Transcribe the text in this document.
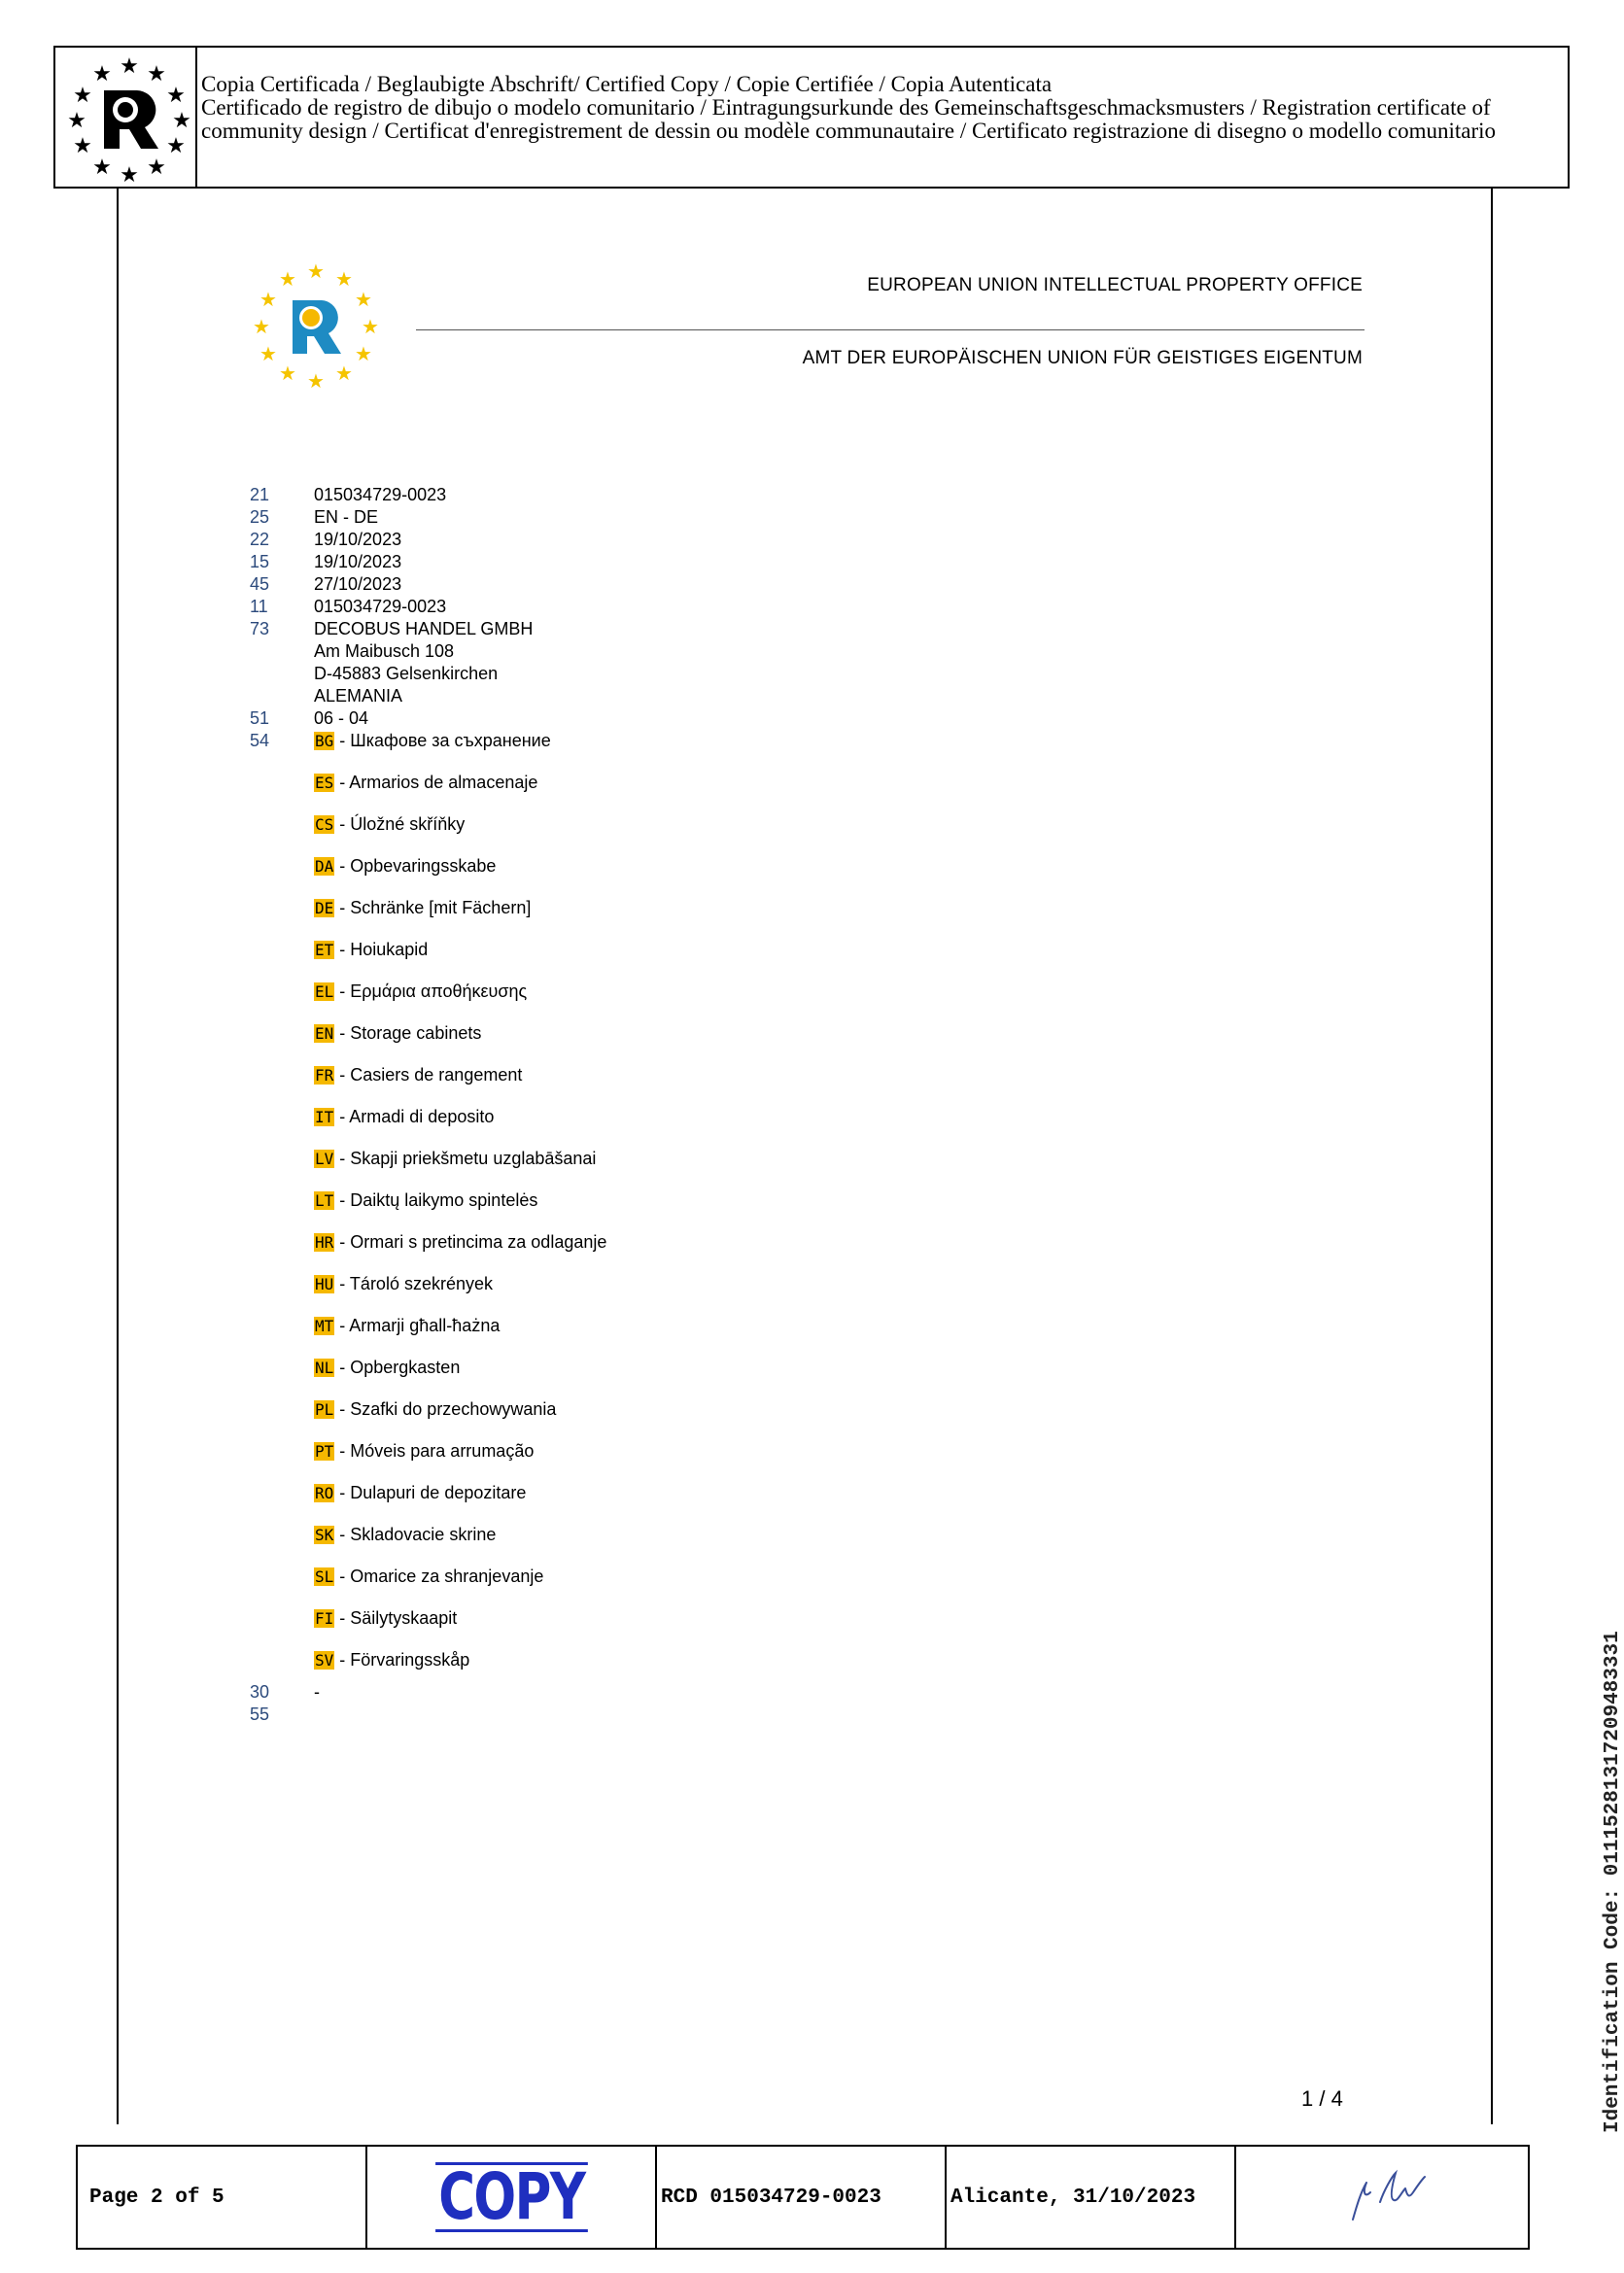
★ ★
★
★
★
★
★
★
★
★
★ ★
Copia Certificada / Beglaubigte Abschrift/ Certified Copy / Copie Certifiée / Copia Autenticata
Certificado de registro de dibujo o modelo comunitario / Eintragungsurkunde des Gemeinschaftsgeschmacksmusters / Registration certificate of community design / Certificat d'enregistrement de dessin ou modèle communautaire / Certificato registrazione di disegno o modello comunitario
★ ★
★
★
★
★
★
★
★
★
★ ★
EUROPEAN UNION INTELLECTUAL PROPERTY OFFICE
AMT DER EUROPÄISCHEN UNION FÜR GEISTIGES EIGENTUM
21	015034729-0023
25	EN - DE
22	19/10/2023
15	19/10/2023
45	27/10/2023
11	015034729-0023
73	DECOBUS HANDEL GMBH
Am Maibusch 108
D-45883 Gelsenkirchen
ALEMANIA
51	06 - 04
54	BG - Шкафове за съхранение
ES - Armarios de almacenaje
CS - Úložné skříňky
DA - Opbevaringsskabe
DE - Schränke [mit Fächern]
ET - Hoiukapid
EL - Ερμάρια αποθήκευσης
EN - Storage cabinets
FR - Casiers de rangement
IT - Armadi di deposito
LV - Skapji priekšmetu uzglabāšanai
LT - Daiktų laikymo spintelės
HR - Ormari s pretincima za odlaganje
HU - Tároló szekrények
MT - Armarji għall-ħażna
NL - Opbergkasten
PL - Szafki do przechowywania
PT - Móveis para arrumação
RO - Dulapuri de depozitare
SK - Skladovacie skrine
SL - Omarice za shranjevanje
FI - Säilytyskaapit
SV - Förvaringsskåp
30	-
55
1 / 4	Identification Code: 01115281317209483331
Page 2 of 5	COPY	RCD 015034729-0023	Alicante, 31/10/2023
